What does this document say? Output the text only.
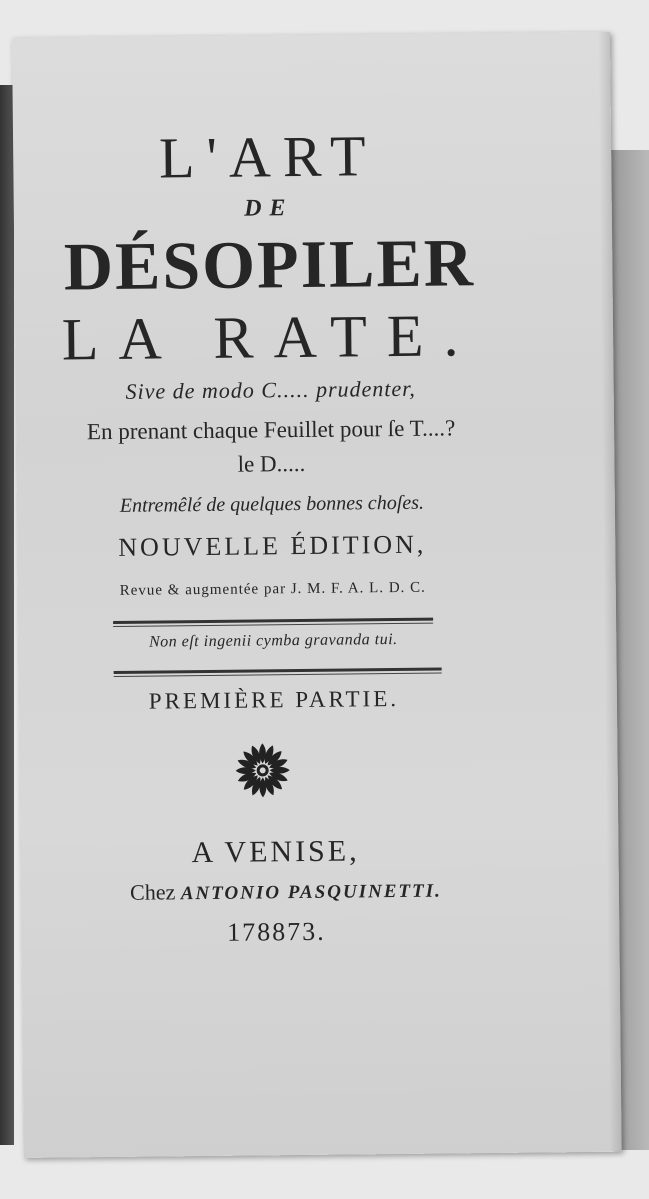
L'ART
DE
DÉSOPILER
LA RATE.
Sive de modo C..... prudenter,
En prenant chaque Feuillet pour ſe T....?
le D.....
Entremêlé de quelques bonnes choſes.
NOUVELLE ÉDITION,
Revue & augmentée par J. M. F. A. L. D. C.
Non eſt ingenii cymba gravanda tui.
PREMIÈRE PARTIE.
A VENISE,
Chez ANTONIO PASQUINETTI.
178873.
